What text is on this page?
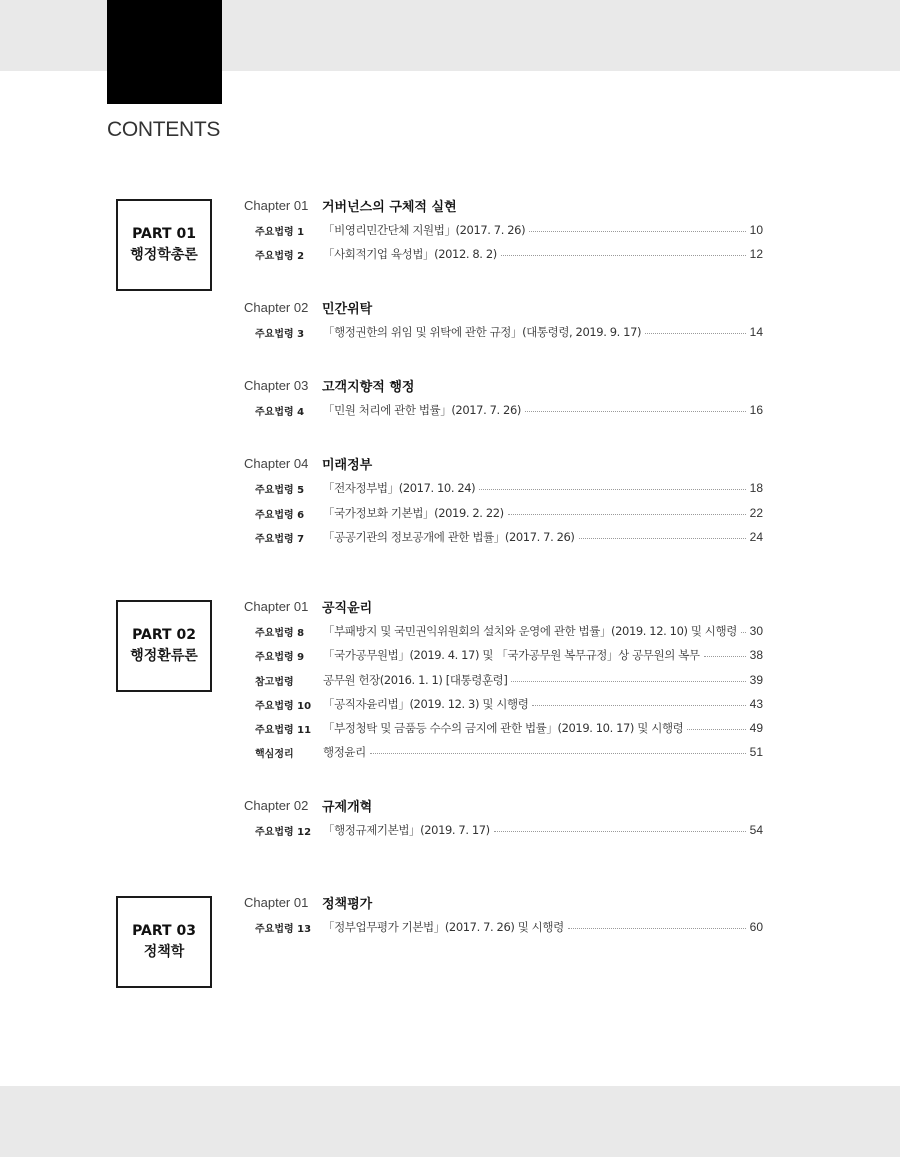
CONTENTS
PART 01
행정학총론
Chapter 01	거버넌스의 구체적 실현
주요법령 1	「비영리민간단체 지원법」(2017. 7. 26)	10
주요법령 2	「사회적기업 육성법」(2012. 8. 2)	12
Chapter 02	민간위탁
주요법령 3	「행정권한의 위임 및 위탁에 관한 규정」(대통령령, 2019. 9. 17)	14
Chapter 03	고객지향적 행정
주요법령 4	「민원 처리에 관한 법률」(2017. 7. 26)	16
Chapter 04	미래정부
주요법령 5	「전자정부법」(2017. 10. 24)	18
주요법령 6	「국가정보화 기본법」(2019. 2. 22)	22
주요법령 7	「공공기관의 정보공개에 관한 법률」(2017. 7. 26)	24
PART 02
행정환류론
Chapter 01	공직윤리
주요법령 8	「부패방지 및 국민권익위원회의 설치와 운영에 관한 법률」(2019. 12. 10) 및 시행령 30
주요법령 9	「국가공무원법」(2019. 4. 17) 및 「국가공무원 복무규정」상 공무원의 복무	38
참고법령	공무원 헌장(2016. 1. 1) [대통령훈령]	39
주요법령 10	「공직자윤리법」(2019. 12. 3) 및 시행령	43
주요법령 11	「부정청탁 및 금품등 수수의 금지에 관한 법률」(2019. 10. 17) 및 시행령	49
핵심정리	행정윤리	51
Chapter 02	규제개혁
주요법령 12	「행정규제기본법」(2019. 7. 17)	54
PART 03
정책학
Chapter 01	정책평가
주요법령 13	「정부업무평가 기본법」(2017. 7. 26) 및 시행령	60
